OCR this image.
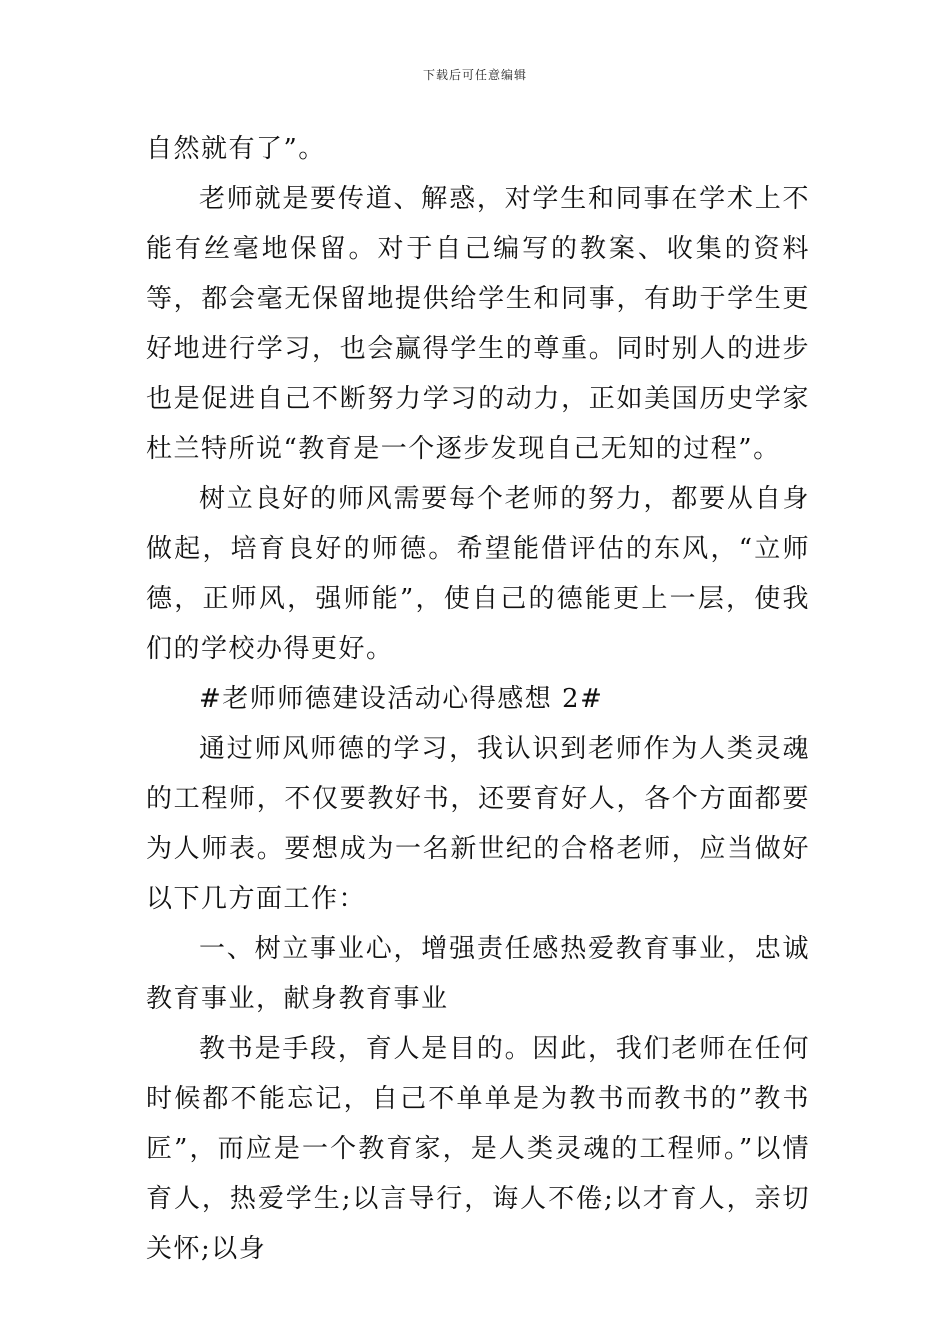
下载后可任意编辑

自然就有了”。

老师就是要传道、解惑，对学生和同事在学术上不能有丝毫地保留。对于自己编写的教案、收集的资料等，都会毫无保留地提供给学生和同事，有助于学生更好地进行学习，也会赢得学生的尊重。同时别人的进步也是促进自己不断努力学习的动力，正如美国历史学家杜兰特所说“教育是一个逐步发现自己无知的过程”。

树立良好的师风需要每个老师的努力，都要从自身做起，培育良好的师德。希望能借评估的东风，“立师德，正师风，强师能”，使自己的德能更上一层，使我们的学校办得更好。

#老师师德建设活动心得感想 2#

通过师风师德的学习，我认识到老师作为人类灵魂的工程师，不仅要教好书，还要育好人，各个方面都要为人师表。要想成为一名新世纪的合格老师，应当做好以下几方面工作：

一、树立事业心，增强责任感热爱教育事业，忠诚教育事业，献身教育事业

教书是手段，育人是目的。因此，我们老师在任何时候都不能忘记，自己不单单是为教书而教书的”教书匠”，而应是一个教育家，是人类灵魂的工程师。”以情育人，热爱学生;以言导行，诲人不倦;以才育人，亲切关怀;以身
